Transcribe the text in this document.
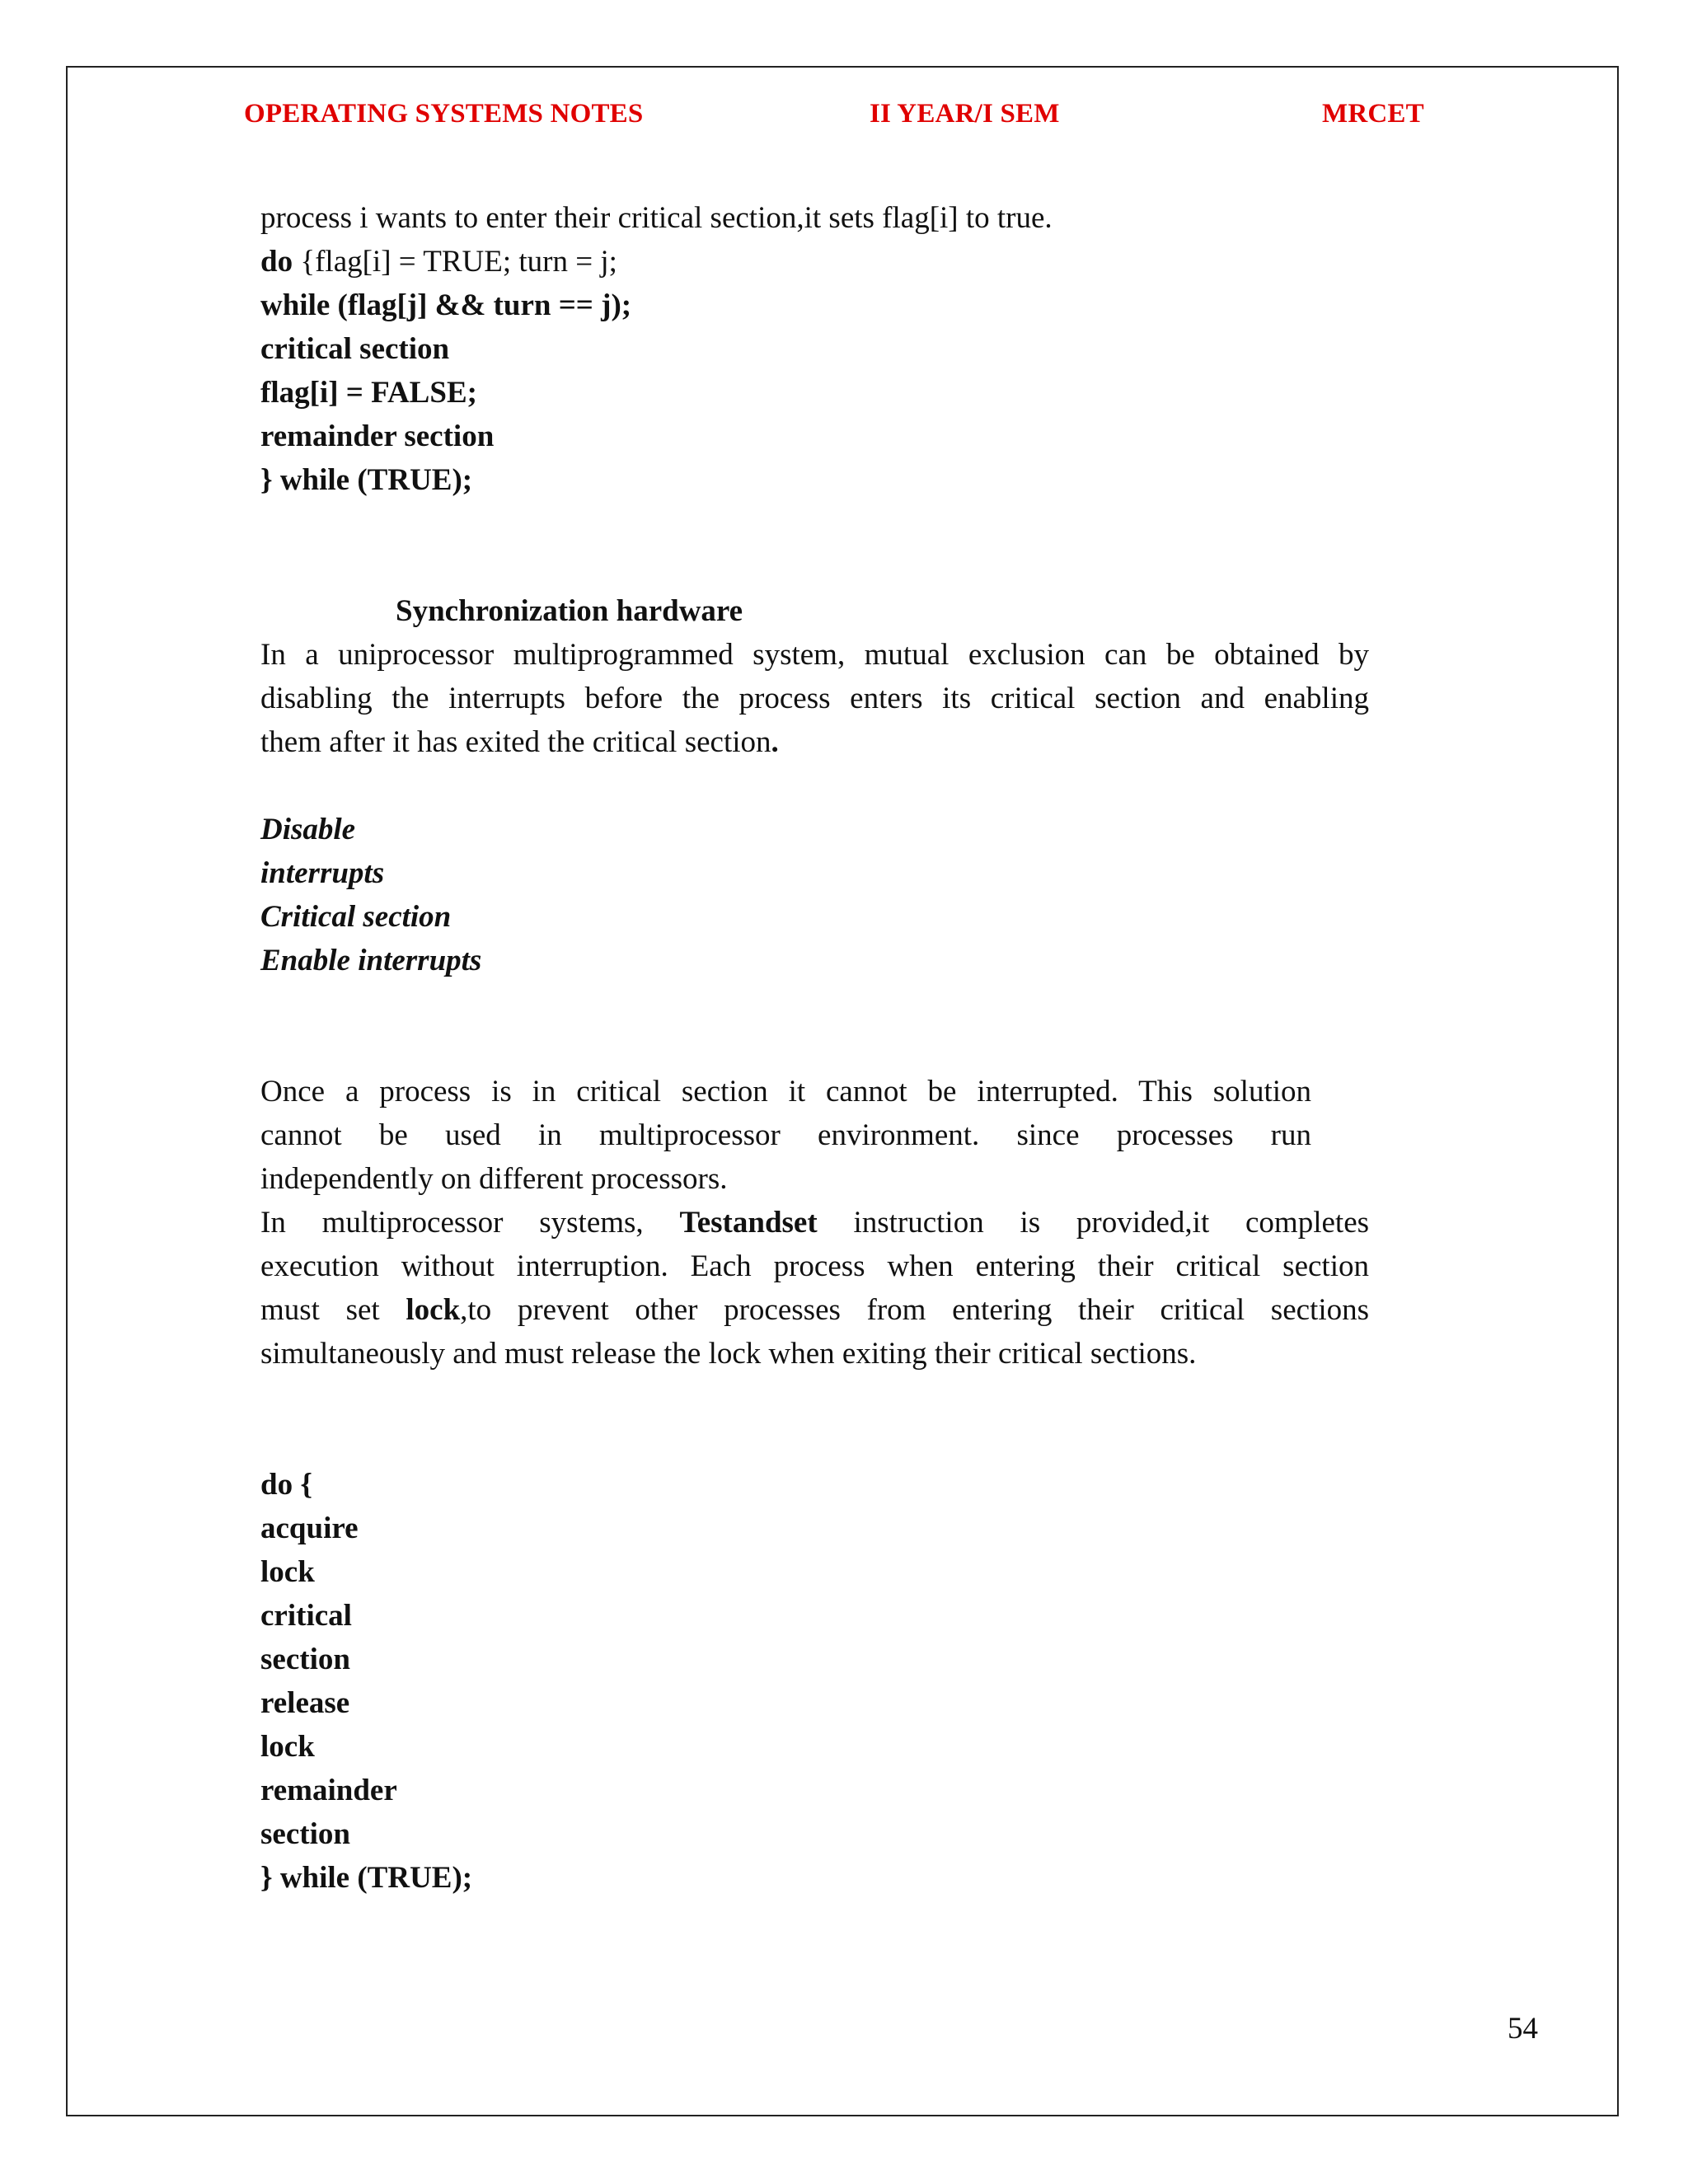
OPERATING SYSTEMS NOTES	II YEAR/I SEM	MRCET

process i wants to enter their critical section,it sets flag[i] to true.

do {flag[i] = TRUE; turn = j;

while (flag[j] && turn == j);

critical section

flag[i] = FALSE;

remainder section

} while (TRUE);

Synchronization hardware

In a uniprocessor multiprogrammed system, mutual exclusion can be obtained by

disabling the interrupts before the process enters its critical section and enabling

them after it has exited the critical section.

Disable

interrupts

Critical section

Enable interrupts

Once a process is in critical section it cannot be interrupted. This solution

cannot be used in multiprocessor environment. since processes run

independently on different processors.

In multiprocessor systems, Testandset instruction is provided,it completes

execution without interruption. Each process when entering their critical section

must set lock,to prevent other processes from entering their critical sections

simultaneously and must release the lock when exiting their critical sections.

do {

acquire

lock

critical

section

release

lock

remainder

section

} while (TRUE);

54
